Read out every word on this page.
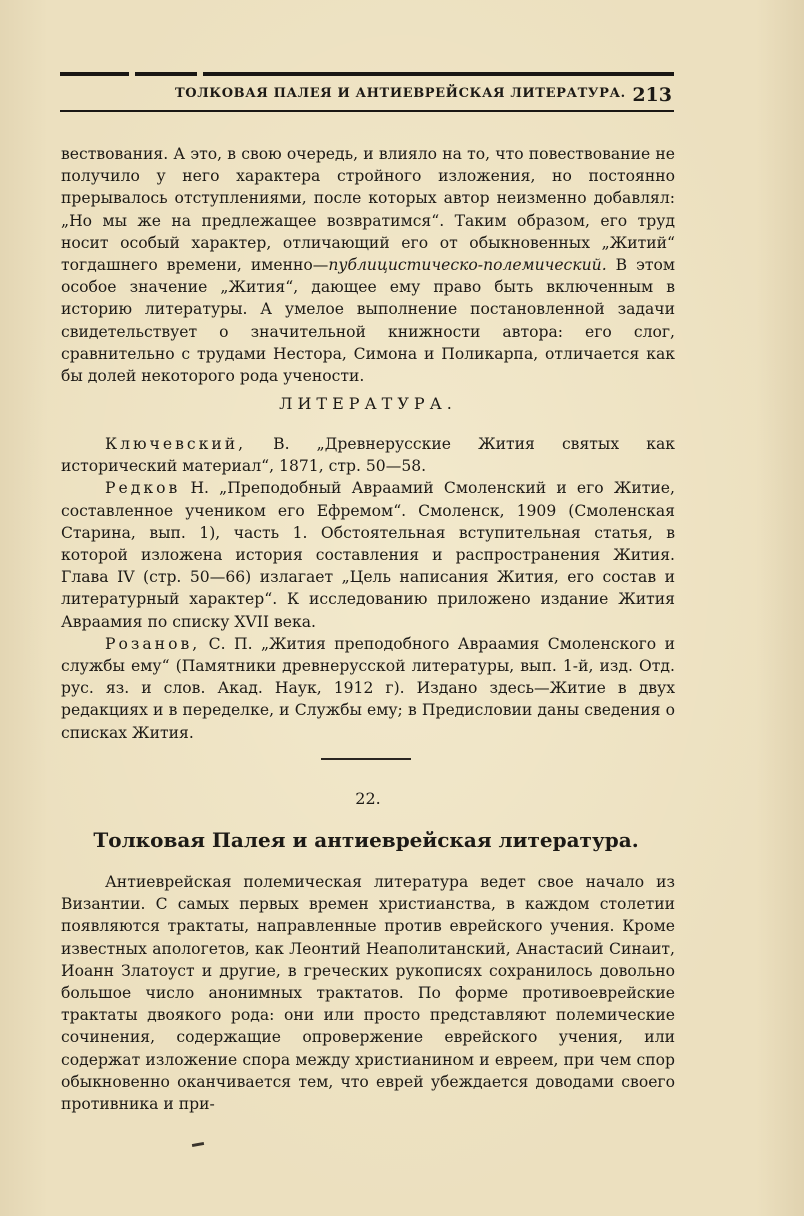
ТОЛКОВАЯ ПАЛЕЯ И АНТИЕВРЕЙСКАЯ ЛИТЕРАТУРА. 213

вествования. А это, в свою очередь, и влияло на то, что повествование не получило у него характера стройного изложения, но постоянно прерывалось отступлениями, после которых автор неизменно добавлял: „Но мы же на предлежащее возвратимся“. Таким образом, его труд носит особый характер, отличающий его от обыкновенных „Житий“ тогдашнего времени, именно—публицистическо-полемический. В этом особое значение „Жития“, дающее ему право быть включенным в историю литературы. А умелое выполнение постановленной задачи свидетельствует о значительной книжности автора: его слог, сравнительно с трудами Нестора, Симона и Поликарпа, отличается как бы долей некоторого рода учености.

ЛИТЕРАТУРА.

Ключевский, В. „Древнерусские Жития святых как исторический материал“, 1871, стр. 50—58.

Редков Н. „Преподобный Авраамий Смоленский и его Житие, составленное учеником его Ефремом“. Смоленск, 1909 (Смоленская Старина, вып. 1), часть 1. Обстоятельная вступительная статья, в которой изложена история составления и распространения Жития. Глава IV (стр. 50—66) излагает „Цель написания Жития, его состав и литературный характер“. К исследованию приложено издание Жития Авраамия по списку XVII века.

Розанов, С. П. „Жития преподобного Авраамия Смоленского и службы ему“ (Памятники древнерусской литературы, вып. 1-й, изд. Отд. рус. яз. и слов. Акад. Наук, 1912 г). Издано здесь—Житие в двух редакциях и в переделке, и Службы ему; в Предисловии даны сведения о списках Жития.

22.
Толковая Палея и антиеврейская литература.

Антиеврейская полемическая литература ведет свое начало из Византии. С самых первых времен христианства, в каждом столетии появляются трактаты, направленные против еврейского учения. Кроме известных апологетов, как Леонтий Неаполитанский, Анастасий Синаит, Иоанн Златоуст и другие, в греческих рукописях сохранилось довольно большое число анонимных трактатов. По форме противоеврейские трактаты двоякого рода: они или просто представляют полемические сочинения, содержащие опровержение еврейского учения, или содержат изложение спора между христианином и евреем, при чем спор обыкновенно оканчивается тем, что еврей убеждается доводами своего противника и при-
